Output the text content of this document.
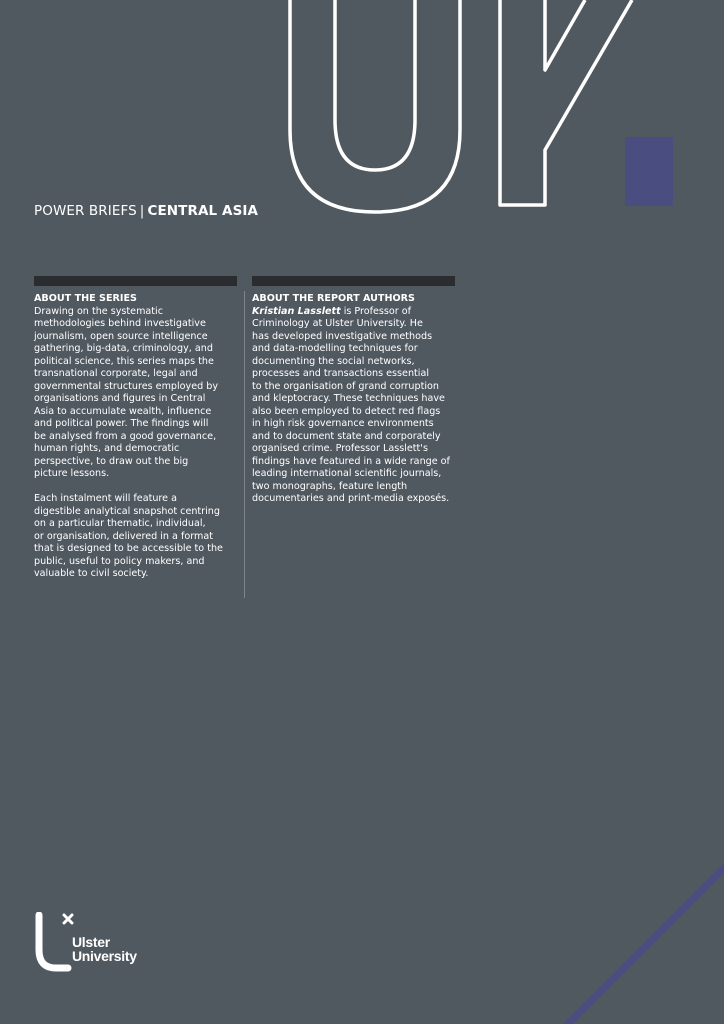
POWER BRIEFS | CENTRAL ASIA

ABOUT THE SERIES

Drawing on the systematic
methodologies behind investigative
journalism, open source intelligence
gathering, big-data, criminology, and
political science, this series maps the
transnational corporate, legal and
governmental structures employed by
organisations and figures in Central
Asia to accumulate wealth, influence
and political power. The findings will
be analysed from a good governance,
human rights, and democratic
perspective, to draw out the big
picture lessons.

Each instalment will feature a
digestible analytical snapshot centring
on a particular thematic, individual,
or organisation, delivered in a format
that is designed to be accessible to the
public, useful to policy makers, and
valuable to civil society.

ABOUT THE REPORT AUTHORS

Kristian Lasslett is Professor of
Criminology at Ulster University. He
has developed investigative methods
and data-modelling techniques for
documenting the social networks,
processes and transactions essential
to the organisation of grand corruption
and kleptocracy. These techniques have
also been employed to detect red flags
in high risk governance environments
and to document state and corporately
organised crime. Professor Lasslett's
findings have featured in a wide range of
leading international scientific journals,
two monographs, feature length
documentaries and print-media exposés.

Ulster
University
